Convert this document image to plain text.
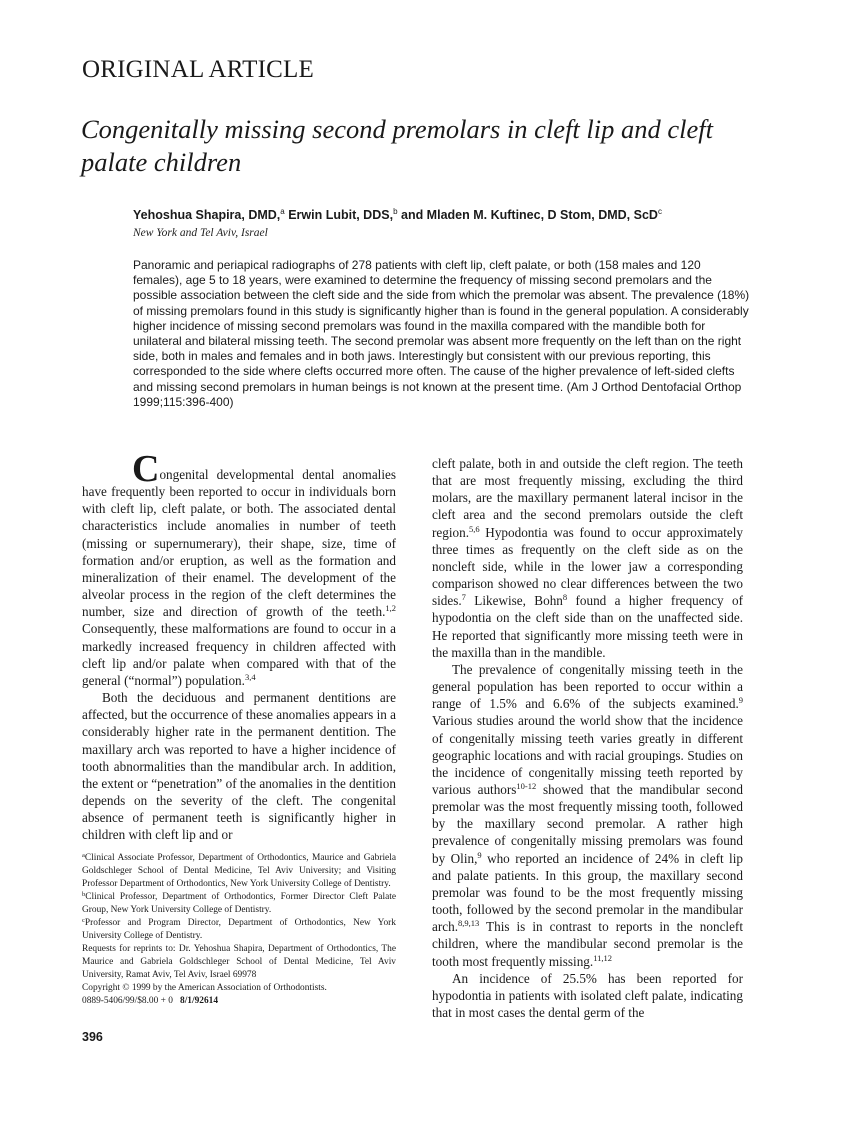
ORIGINAL ARTICLE
Congenitally missing second premolars in cleft lip and cleft palate children
Yehoshua Shapira, DMD,$^a$ Erwin Lubit, DDS,$^b$ and Mladen M. Kuftinec, D Stom, DMD, ScD$^c$
New York and Tel Aviv, Israel
Panoramic and periapical radiographs of 278 patients with cleft lip, cleft palate, or both (158 males and 120 females), age 5 to 18 years, were examined to determine the frequency of missing second premolars and the possible association between the cleft side and the side from which the premolar was absent. The prevalence (18%) of missing premolars found in this study is significantly higher than is found in the general population. A considerably higher incidence of missing second premolars was found in the maxilla compared with the mandible both for unilateral and bilateral missing teeth. The second premolar was absent more frequently on the left than on the right side, both in males and females and in both jaws. Interestingly but consistent with our previous reporting, this corresponded to the side where clefts occurred more often. The cause of the higher prevalence of left-sided clefts and missing second premolars in human beings is not known at the present time. (Am J Orthod Dentofacial Orthop 1999;115:396-400)

Congenital developmental dental anomalies have frequently been reported to occur in individuals born with cleft lip, cleft palate, or both. The associated dental characteristics include anomalies in number of teeth (missing or supernumerary), their shape, size, time of formation and/or eruption, as well as the formation and mineralization of their enamel. The development of the alveolar process in the region of the cleft determines the number, size and direction of growth of the teeth.$^{1,2}$ Consequently, these malformations are found to occur in a markedly increased frequency in children affected with cleft lip and/or palate when compared with that of the general (“normal”) population.$^{3,4}$

Both the deciduous and permanent dentitions are affected, but the occurrence of these anomalies appears in a considerably higher rate in the permanent dentition. The maxillary arch was reported to have a higher incidence of tooth abnormalities than the mandibular arch. In addition, the extent or “penetration” of the anomalies in the dentition depends on the severity of the cleft. The congenital absence of permanent teeth is significantly higher in children with cleft lip and or

cleft palate, both in and outside the cleft region. The teeth that are most frequently missing, excluding the third molars, are the maxillary permanent lateral incisor in the cleft area and the second premolars outside the cleft region.$^{5,6}$ Hypodontia was found to occur approximately three times as frequently on the cleft side as on the noncleft side, while in the lower jaw a corresponding comparison showed no clear differences between the two sides.$^7$ Likewise, Bohn$^8$ found a higher frequency of hypodontia on the cleft side than on the unaffected side. He reported that significantly more missing teeth were in the maxilla than in the mandible.

The prevalence of congenitally missing teeth in the general population has been reported to occur within a range of 1.5% and 6.6% of the subjects examined.$^9$ Various studies around the world show that the incidence of congenitally missing teeth varies greatly in different geographic locations and with racial groupings. Studies on the incidence of congenitally missing teeth reported by various authors$^{10-12}$ showed that the mandibular second premolar was the most frequently missing tooth, followed by the maxillary second premolar. A rather high prevalence of congenitally missing premolars was found by Olin,$^9$ who reported an incidence of 24% in cleft lip and palate patients. In this group, the maxillary second premolar was found to be the most frequently missing tooth, followed by the second premolar in the mandibular arch.$^{8,9,13}$ This is in contrast to reports in the noncleft children, where the mandibular second premolar is the tooth most frequently missing.$^{11,12}$

An incidence of 25.5% has been reported for hypodontia in patients with isolated cleft palate, indicating that in most cases the dental germ of the

$^a$Clinical Associate Professor, Department of Orthodontics, Maurice and Gabriela Goldschleger School of Dental Medicine, Tel Aviv University; and Visiting Professor Department of Orthodontics, New York University College of Dentistry.

$^b$Clinical Professor, Department of Orthodontics, Former Director Cleft Palate Group, New York University College of Dentistry.

$^c$Professor and Program Director, Department of Orthodontics, New York University College of Dentistry.

Requests for reprints to: Dr. Yehoshua Shapira, Department of Orthodontics, The Maurice and Gabriela Goldschleger School of Dental Medicine, Tel Aviv University, Ramat Aviv, Tel Aviv, Israel 69978

Copyright © 1999 by the American Association of Orthodontists.

0889-5406/99/$8.00 + 0 8/1/92614

396
